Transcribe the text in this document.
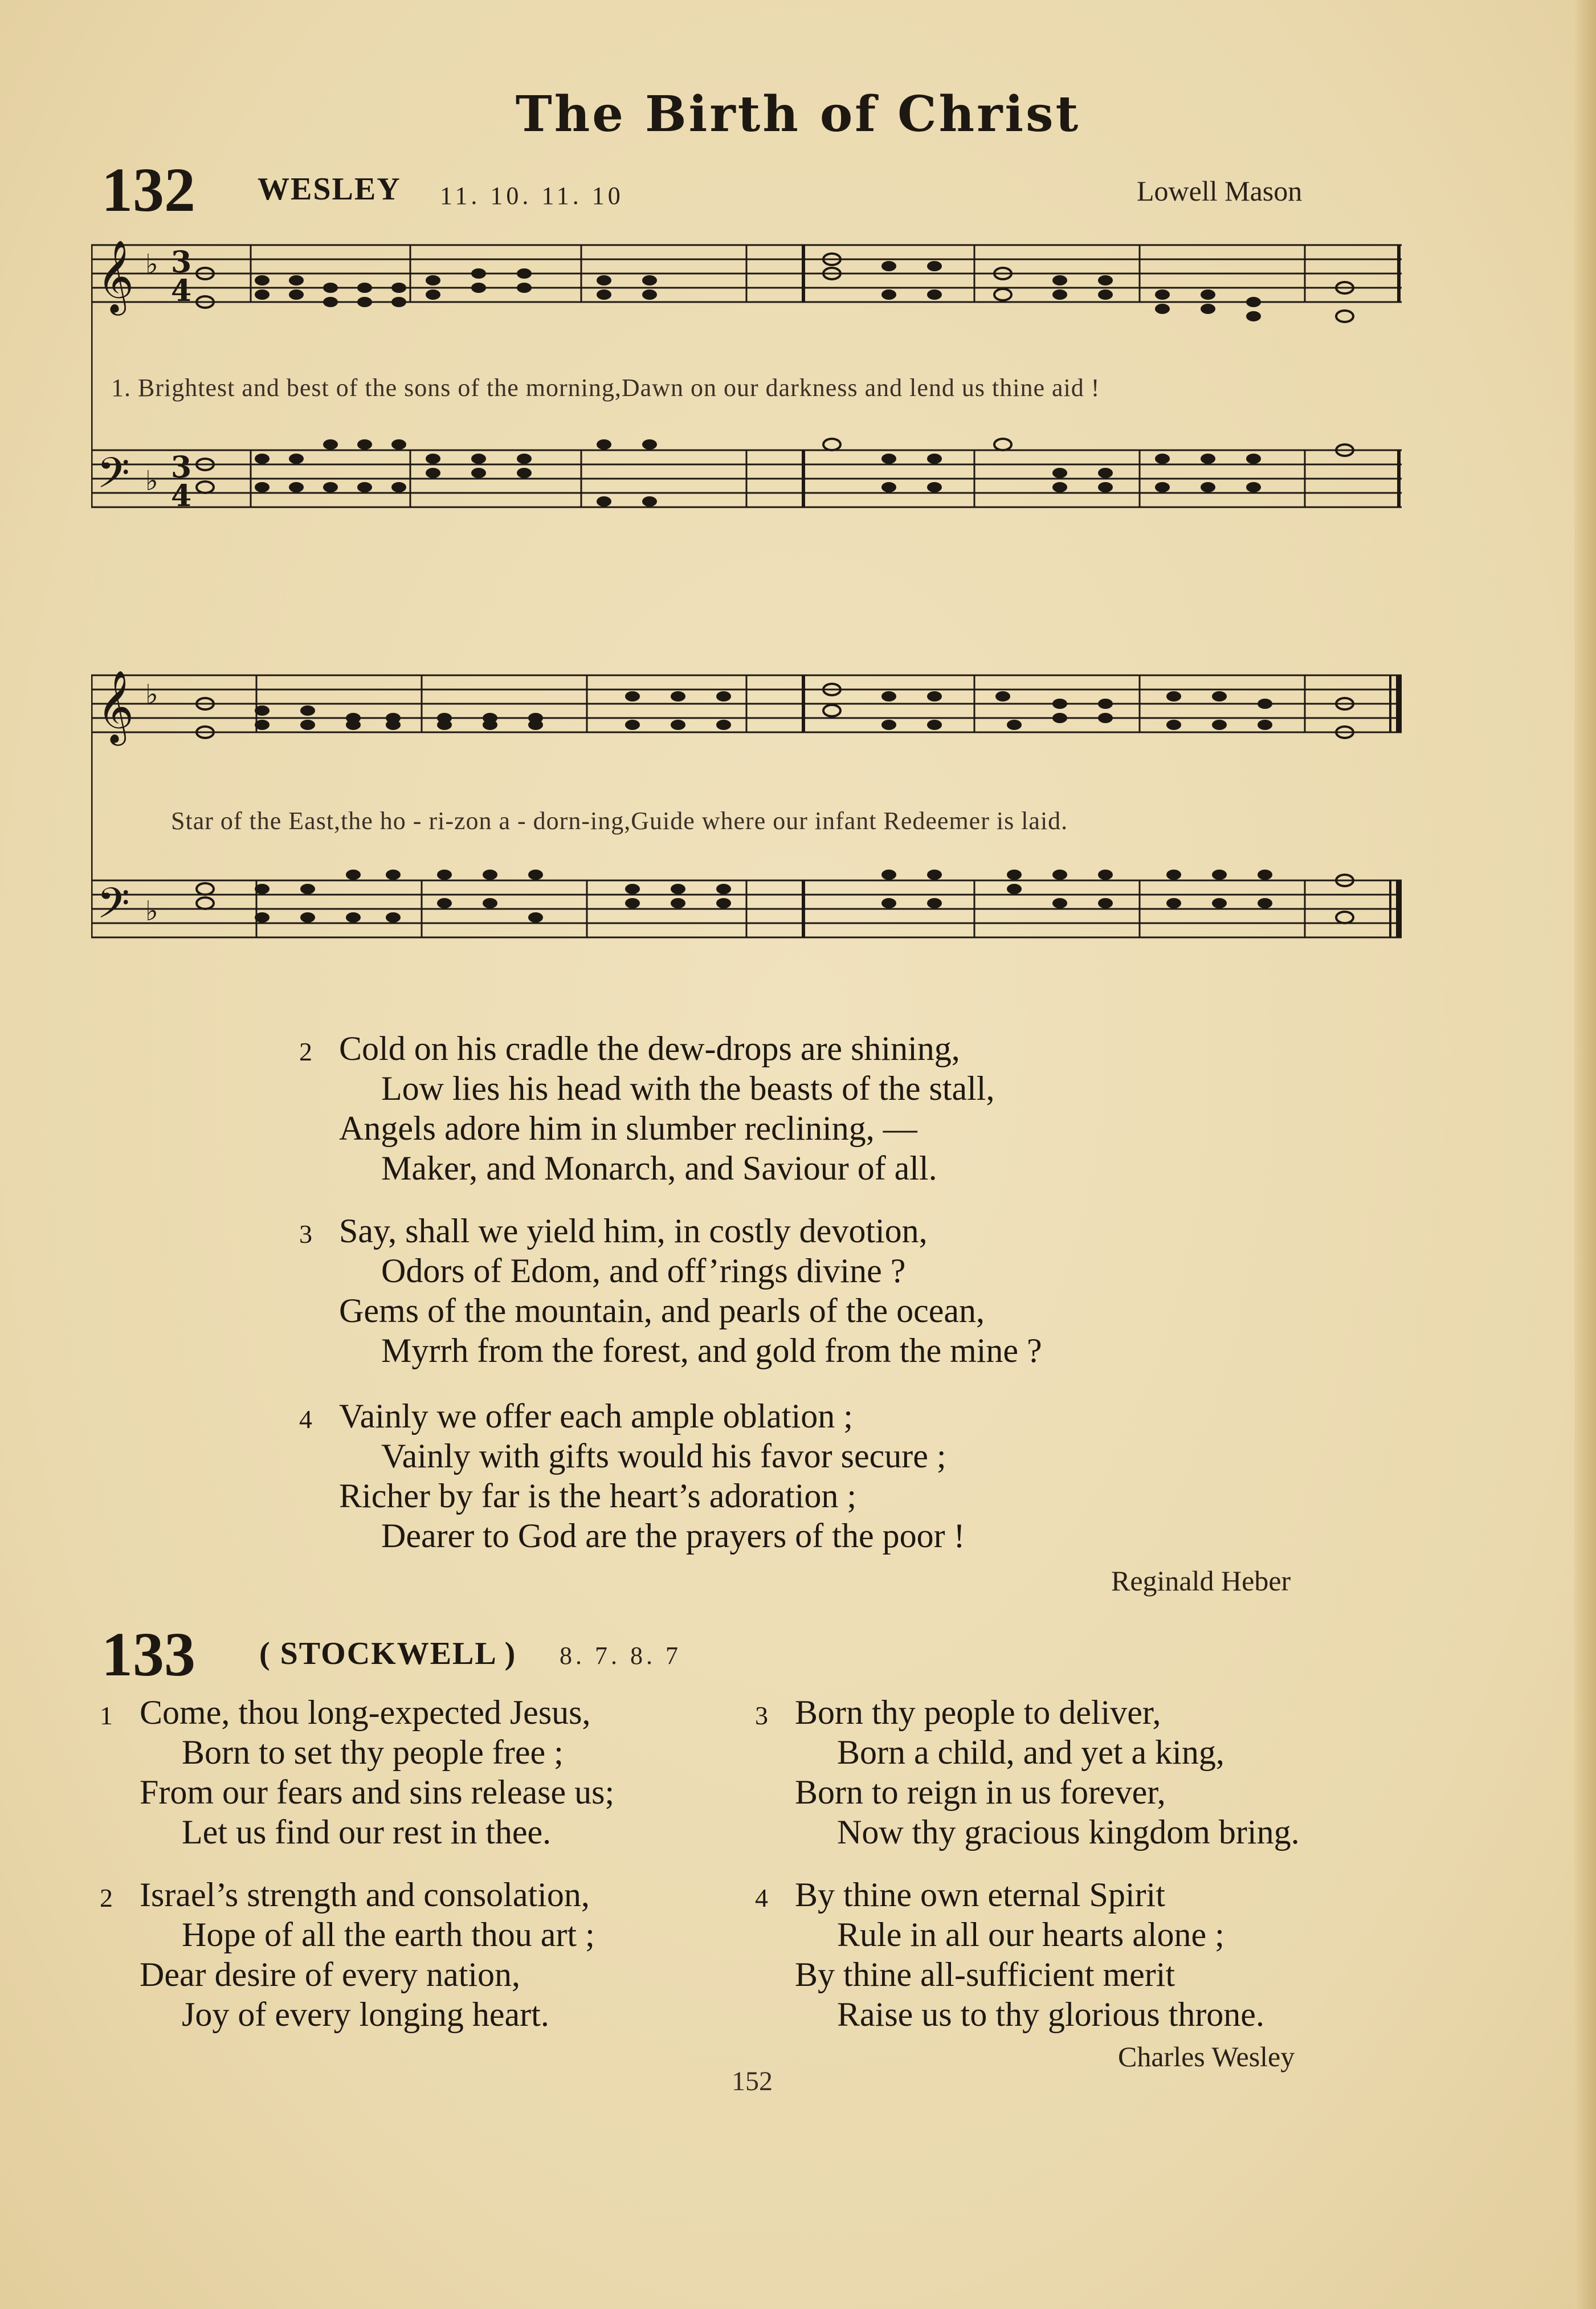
The Birth of Christ
132 WESLEY 11. 10. 11. 10	Lowell Mason
𝄞
𝄢
♭ 3
4
♭ 3
4
1. Brightest and best of the sons of the morning,Dawn on our darkness and lend us thine aid !
𝄞
𝄢
♭
♭
Star of the East,the ho - ri-zon a - dorn-ing,Guide where our infant Redeemer is laid.
2 Cold on his cradle the dew-drops are shining,
Low lies his head with the beasts of the stall,
Angels adore him in slumber reclining, —
Maker, and Monarch, and Saviour of all.
3 Say, shall we yield him, in costly devotion,
Odors of Edom, and off’rings divine ?
Gems of the mountain, and pearls of the ocean,
Myrrh from the forest, and gold from the mine ?
4 Vainly we offer each ample oblation ;
Vainly with gifts would his favor secure ;
Richer by far is the heart’s adoration ;
Dearer to God are the prayers of the poor !
Reginald Heber
133 ( STOCKWELL ) 8. 7. 8. 7
1 Come, thou long-expected Jesus,
Born to set thy people free ;
From our fears and sins release us;
Let us find our rest in thee.
2 Israel’s strength and consolation,
Hope of all the earth thou art ;
Dear desire of every nation,
Joy of every longing heart.
3 Born thy people to deliver,
Born a child, and yet a king,
Born to reign in us forever,
Now thy gracious kingdom bring.
4 By thine own eternal Spirit
Rule in all our hearts alone ;
By thine all-sufficient merit
Raise us to thy glorious throne.
Charles Wesley
152
